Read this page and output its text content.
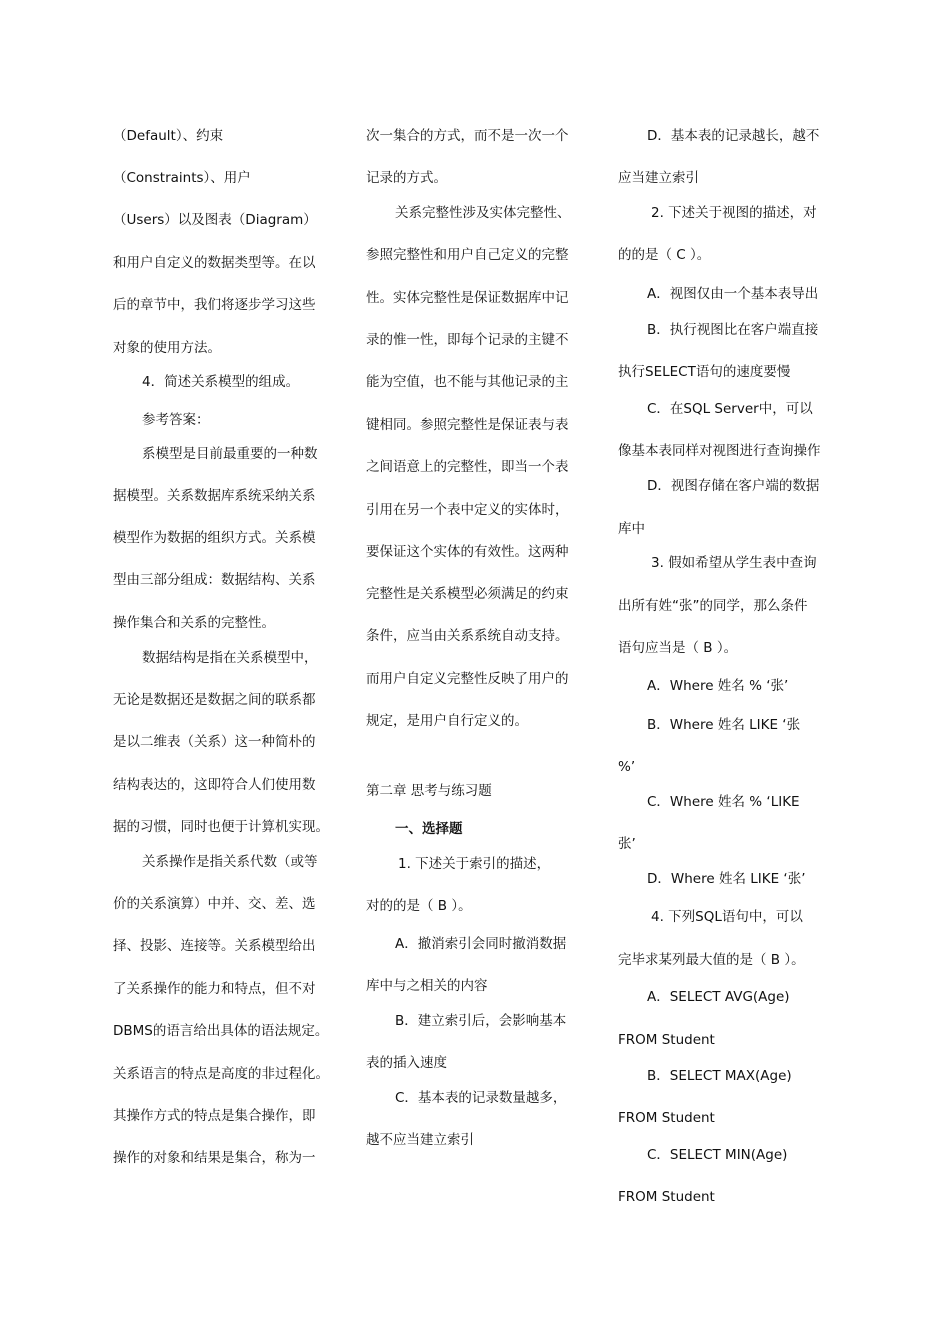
（Default）、约束
（Constraints）、用户
（Users）以及图表（Diagram）
和用户自定义的数据类型等。在以
后的章节中，我们将逐步学习这些
对象的使用方法。
4．简述关系模型的组成。
参考答案：
系模型是目前最重要的一种数
据模型。关系数据库系统采纳关系
模型作为数据的组织方式。关系模
型由三部分组成：数据结构、关系
操作集合和关系的完整性。
数据结构是指在关系模型中，
无论是数据还是数据之间的联系都
是以二维表（关系）这一种简朴的
结构表达的，这即符合人们使用数
据的习惯，同时也便于计算机实现。
关系操作是指关系代数（或等
价的关系演算）中并、交、差、选
择、投影、连接等。关系模型给出
了关系操作的能力和特点，但不对
DBMS的语言给出具体的语法规定。
关系语言的特点是高度的非过程化。
其操作方式的特点是集合操作，即
操作的对象和结果是集合，称为一
次一集合的方式，而不是一次一个
记录的方式。
关系完整性涉及实体完整性、
参照完整性和用户自己定义的完整
性。实体完整性是保证数据库中记
录的惟一性，即每个记录的主键不
能为空值，也不能与其他记录的主
键相同。参照完整性是保证表与表
之间语意上的完整性，即当一个表
引用在另一个表中定义的实体时，
要保证这个实体的有效性。这两种
完整性是关系模型必须满足的约束
条件，应当由关系系统自动支持。
而用户自定义完整性反映了用户的
规定，是用户自行定义的。
第二章 思考与练习题
一、选择题
1. 下述关于索引的描述，
对的的是（ B ）。
A．撤消索引会同时撤消数据
库中与之相关的内容
B．建立索引后，会影响基本
表的插入速度
C．基本表的记录数量越多，
越不应当建立索引
D．基本表的记录越长，越不
应当建立索引
2. 下述关于视图的描述，对
的的是（ C ）。
A．视图仅由一个基本表导出
B．执行视图比在客户端直接
执行SELECT语句的速度要慢
C．在SQL Server中，可以
像基本表同样对视图进行查询操作
D．视图存储在客户端的数据
库中
3. 假如希望从学生表中查询
出所有姓“张”的同学，那么条件
语句应当是（ B ）。
A．Where 姓名 % ‘张’
B．Where 姓名 LIKE ‘张
%’
C．Where 姓名 % ‘LIKE
张’
D．Where 姓名 LIKE ‘张’
4. 下列SQL语句中，可以
完毕求某列最大值的是（ B ）。
A．SELECT AVG(Age)
FROM Student
B．SELECT MAX(Age)
FROM Student
C．SELECT MIN(Age)
FROM Student
